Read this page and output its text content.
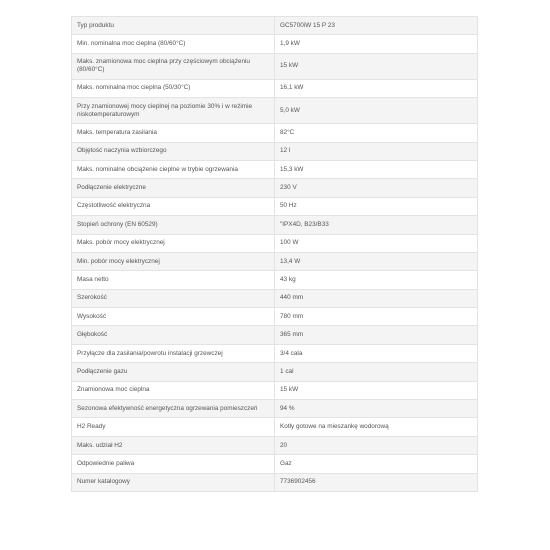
Typ produktu	GC5700iW 15 P 23
Min. nominalna moc cieplna (80/60°C)	1,9 kW
Maks. znamionowa moc cieplna przy częściowym obciążeniu (80/60°C)	15 kW
Maks. nominalna moc cieplna (50/30°C)	16,1 kW
Przy znamionowej mocy cieplnej na poziomie 30% i w reżimie niskotemperaturowym	5,0 kW
Maks. temperatura zasilania	82°C
Objętość naczynia wzbiorczego	12 l
Maks. nominalne obciążenie cieplne w trybie ogrzewania	15,3 kW
Podłączenie elektryczne	230 V
Częstotliwość elektryczna	50 Hz
Stopień ochrony (EN 60529)	"IPX4D, B23/B33
Maks. pobór mocy elektrycznej	100 W
Min. pobór mocy elektrycznej	13,4 W
Masa netto	43 kg
Szerokość	440 mm
Wysokość	780 mm
Głębokość	365 mm
Przyłącze dla zasilania/powrotu instalacji grzewczej	3/4 cala
Podłączenie gazu	1 cal
Znamionowa moc cieplna	15 kW
Sezonowa efektywność energetyczna ogrzewania pomieszczeń	94 %
H2 Ready	Kotły gotowe na mieszankę wodorową
Maks. udział H2	20
Odpowiednie paliwa	Gaz
Numer katalogowy	7736902456
